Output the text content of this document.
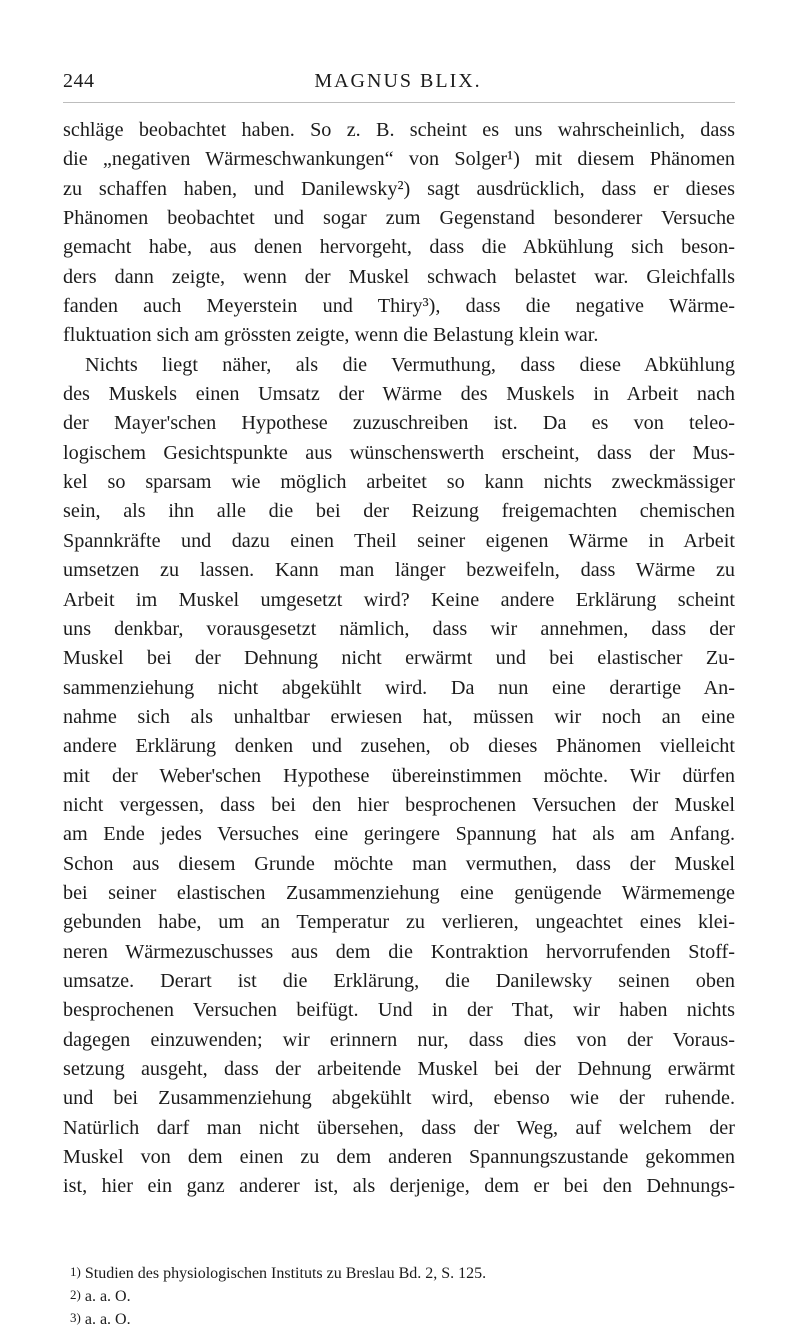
244	MAGNUS BLIX.
schläge beobachtet haben. So z. B. scheint es uns wahrscheinlich, dass
die „negativen Wärmeschwankungen“ von Solger¹) mit diesem Phänomen
zu schaffen haben, und Danilewsky²) sagt ausdrücklich, dass er dieses
Phänomen beobachtet und sogar zum Gegenstand besonderer Versuche
gemacht habe, aus denen hervorgeht, dass die Abkühlung sich beson-
ders dann zeigte, wenn der Muskel schwach belastet war. Gleichfalls
fanden auch Meyerstein und Thiry³), dass die negative Wärme-
fluktuation sich am grössten zeigte, wenn die Belastung klein war.
Nichts liegt näher, als die Vermuthung, dass diese Abkühlung
des Muskels einen Umsatz der Wärme des Muskels in Arbeit nach
der Mayer'schen Hypothese zuzuschreiben ist. Da es von teleo-
logischem Gesichtspunkte aus wünschenswerth erscheint, dass der Mus-
kel so sparsam wie möglich arbeitet so kann nichts zweckmässiger
sein, als ihn alle die bei der Reizung freigemachten chemischen
Spannkräfte und dazu einen Theil seiner eigenen Wärme in Arbeit
umsetzen zu lassen. Kann man länger bezweifeln, dass Wärme zu
Arbeit im Muskel umgesetzt wird? Keine andere Erklärung scheint
uns denkbar, vorausgesetzt nämlich, dass wir annehmen, dass der
Muskel bei der Dehnung nicht erwärmt und bei elastischer Zu-
sammenziehung nicht abgekühlt wird. Da nun eine derartige An-
nahme sich als unhaltbar erwiesen hat, müssen wir noch an eine
andere Erklärung denken und zusehen, ob dieses Phänomen vielleicht
mit der Weber'schen Hypothese übereinstimmen möchte. Wir dürfen
nicht vergessen, dass bei den hier besprochenen Versuchen der Muskel
am Ende jedes Versuches eine geringere Spannung hat als am Anfang.
Schon aus diesem Grunde möchte man vermuthen, dass der Muskel
bei seiner elastischen Zusammenziehung eine genügende Wärmemenge
gebunden habe, um an Temperatur zu verlieren, ungeachtet eines klei-
neren Wärmezuschusses aus dem die Kontraktion hervorrufenden Stoff-
umsatze. Derart ist die Erklärung, die Danilewsky seinen oben
besprochenen Versuchen beifügt. Und in der That, wir haben nichts
dagegen einzuwenden; wir erinnern nur, dass dies von der Voraus-
setzung ausgeht, dass der arbeitende Muskel bei der Dehnung erwärmt
und bei Zusammenziehung abgekühlt wird, ebenso wie der ruhende.
Natürlich darf man nicht übersehen, dass der Weg, auf welchem der
Muskel von dem einen zu dem anderen Spannungszustande gekommen
ist, hier ein ganz anderer ist, als derjenige, dem er bei den Dehnungs-
1) Studien des physiologischen Instituts zu Breslau Bd. 2, S. 125.
2) a. a. O.
3) a. a. O.
